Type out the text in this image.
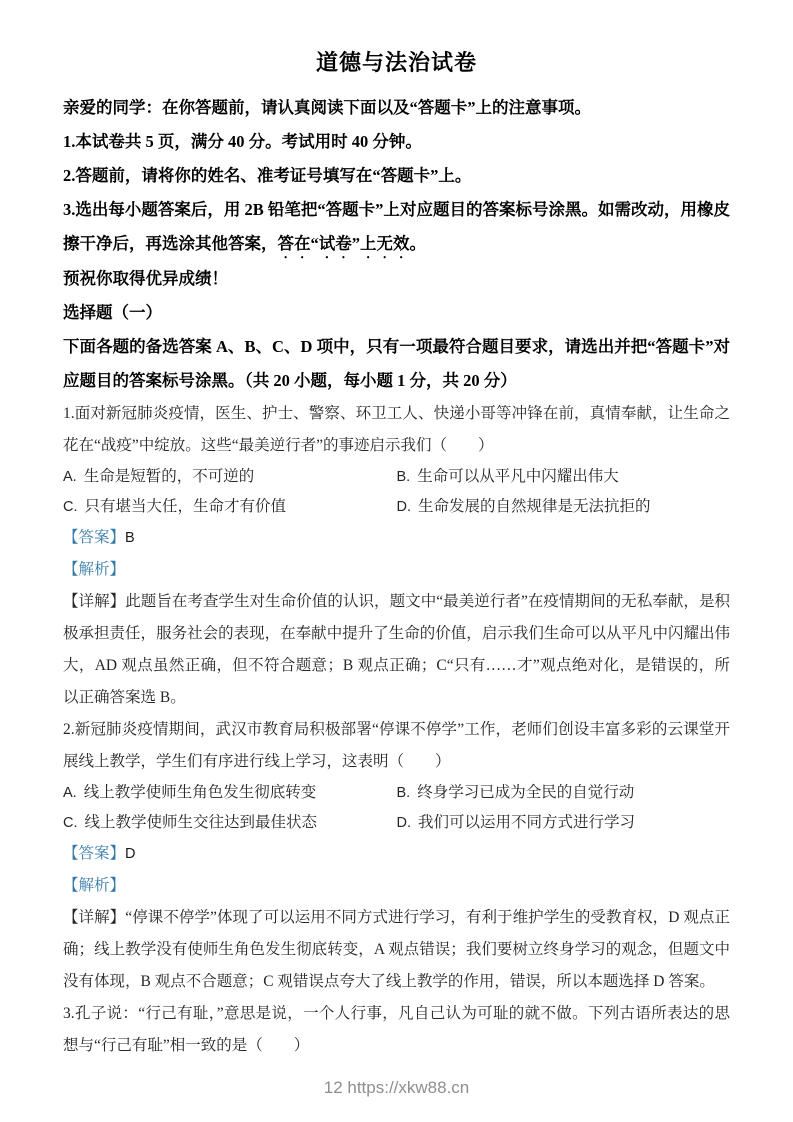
道德与法治试卷

亲爱的同学：在你答题前，请认真阅读下面以及“答题卡”上的注意事项。

1.本试卷共 5 页，满分 40 分。考试用时 40 分钟。

2.答题前，请将你的姓名、准考证号填写在“答题卡”上。

3.选出每小题答案后，用 2B 铅笔把“答题卡”上对应题目的答案标号涂黑。如需改动，用橡皮擦干净后，再选涂其他答案，答在“试卷”上无效。

预祝你取得优异成绩！

选择题（一）

下面各题的备选答案 A、B、C、D 项中，只有一项最符合题目要求，请选出并把“答题卡”对应题目的答案标号涂黑。（共 20 小题，每小题 1 分，共 20 分）

1.面对新冠肺炎疫情，医生、护士、警察、环卫工人、快递小哥等冲锋在前，真情奉献，让生命之花在“战疫”中绽放。这些“最美逆行者”的事迹启示我们（　　）

A. 生命是短暂的，不可逆的	B. 生命可以从平凡中闪耀出伟大
C. 只有堪当大任，生命才有价值	D. 生命发展的自然规律是无法抗拒的

【答案】B

【解析】

【详解】此题旨在考查学生对生命价值的认识，题文中“最美逆行者”在疫情期间的无私奉献，是积极承担责任，服务社会的表现，在奉献中提升了生命的价值，启示我们生命可以从平凡中闪耀出伟大，AD 观点虽然正确，但不符合题意；B 观点正确；C“只有……才”观点绝对化，是错误的，所以正确答案选 B。

2.新冠肺炎疫情期间，武汉市教育局积极部署“停课不停学”工作，老师们创设丰富多彩的云课堂开展线上教学，学生们有序进行线上学习，这表明（　　）

A. 线上教学使师生角色发生彻底转变	B. 终身学习已成为全民的自觉行动
C. 线上教学使师生交往达到最佳状态	D. 我们可以运用不同方式进行学习

【答案】D

【解析】

【详解】“停课不停学”体现了可以运用不同方式进行学习，有利于维护学生的受教育权，D 观点正确；线上教学没有使师生角色发生彻底转变，A 观点错误；我们要树立终身学习的观念，但题文中没有体现，B 观点不合题意；C 观错误点夸大了线上教学的作用，错误，所以本题选择 D 答案。

3.孔子说：“行己有耻，”意思是说，一个人行事，凡自己认为可耻的就不做。下列古语所表达的思想与“行己有耻”相一致的是（　　）

12 https://xkw88.cn
